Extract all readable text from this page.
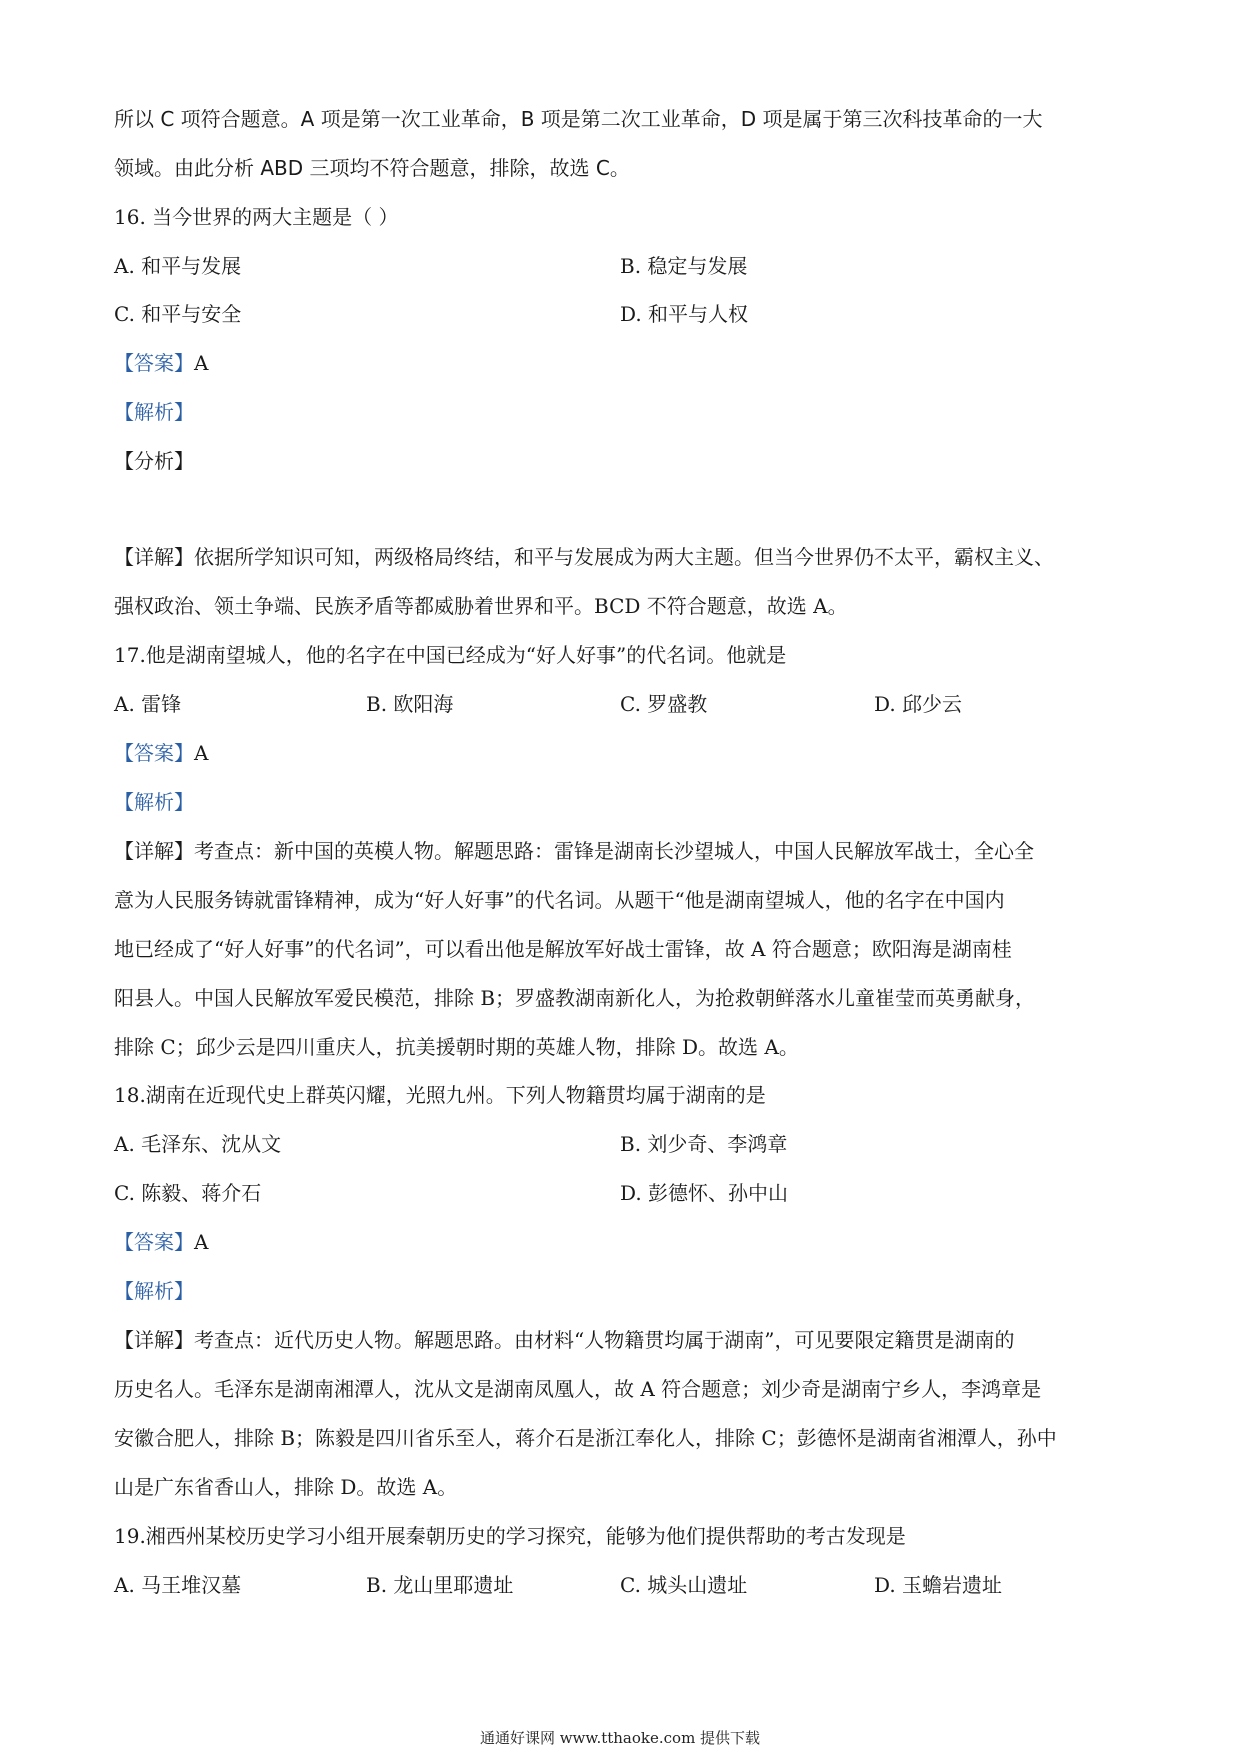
所以 C 项符合题意。A 项是第一次工业革命，B 项是第二次工业革命，D 项是属于第三次科技革命的一大
领域。由此分析 ABD 三项均不符合题意，排除，故选 C。
16. 当今世界的两大主题是（ ）
A. 和平与发展	B. 稳定与发展
C. 和平与安全	D. 和平与人权
【答案】A
【解析】
【分析】
【详解】依据所学知识可知，两级格局终结，和平与发展成为两大主题。但当今世界仍不太平，霸权主义、
强权政治、领土争端、民族矛盾等都威胁着世界和平。BCD 不符合题意，故选 A。
17.他是湖南望城人，他的名字在中国已经成为“好人好事”的代名词。他就是
A. 雷锋	B. 欧阳海	C. 罗盛教	D. 邱少云
【答案】A
【解析】
【详解】考查点：新中国的英模人物。解题思路：雷锋是湖南长沙望城人，中国人民解放军战士，全心全
意为人民服务铸就雷锋精神，成为“好人好事”的代名词。从题干“他是湖南望城人，他的名字在中国内
地已经成了“好人好事”的代名词”，可以看出他是解放军好战士雷锋，故 A 符合题意；欧阳海是湖南桂
阳县人。中国人民解放军爱民模范，排除 B；罗盛教湖南新化人，为抢救朝鲜落水儿童崔莹而英勇献身，
排除 C；邱少云是四川重庆人，抗美援朝时期的英雄人物，排除 D。故选 A。
18.湖南在近现代史上群英闪耀，光照九州。下列人物籍贯均属于湖南的是
A. 毛泽东、沈从文	B. 刘少奇、李鸿章
C. 陈毅、蒋介石	D. 彭德怀、孙中山
【答案】A
【解析】
【详解】考查点：近代历史人物。解题思路。由材料“人物籍贯均属于湖南”，可见要限定籍贯是湖南的
历史名人。毛泽东是湖南湘潭人，沈从文是湖南凤凰人，故 A 符合题意；刘少奇是湖南宁乡人，李鸿章是
安徽合肥人，排除 B；陈毅是四川省乐至人，蒋介石是浙江奉化人，排除 C；彭德怀是湖南省湘潭人，孙中
山是广东省香山人，排除 D。故选 A。
19.湘西州某校历史学习小组开展秦朝历史的学习探究，能够为他们提供帮助的考古发现是
A. 马王堆汉墓	B. 龙山里耶遗址	C. 城头山遗址	D. 玉蟾岩遗址
通通好课网 www.tthaoke.com 提供下载
